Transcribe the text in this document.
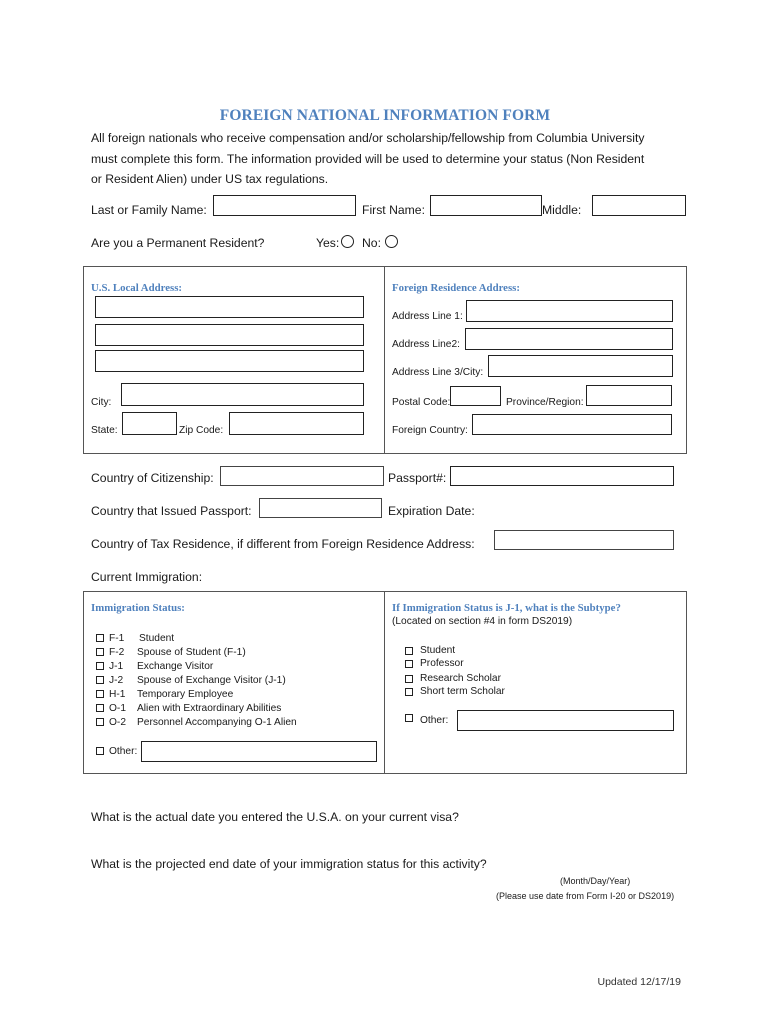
FOREIGN NATIONAL INFORMATION FORM
All foreign nationals who receive compensation and/or scholarship/fellowship from Columbia University
must complete this form. The information provided will be used to determine your status (Non Resident
or Resident Alien) under US tax regulations.
Last or Family Name:	First Name:	Middle:
Are you a Permanent Resident?	Yes: No:
U.S. Local Address:
City:
State:	Zip Code:
Foreign Residence Address:
Address Line 1:
Address Line2:
Address Line 3/City:
Postal Code:	Province/Region:
Foreign Country:
Country of Citizenship:	Passport#:
Country that Issued Passport:	Expiration Date:
Country of Tax Residence, if different from Foreign Residence Address:
Current Immigration:
Immigration Status:
F-1 Student
F-2 Spouse of Student (F-1)
J-1 Exchange Visitor
J-2 Spouse of Exchange Visitor (J-1)
H-1 Temporary Employee
O-1 Alien with Extraordinary Abilities
O-2 Personnel Accompanying O-1 Alien
Other:
If Immigration Status is J-1, what is the Subtype?
(Located on section #4 in form DS2019)
Student
Professor
Research Scholar
Short term Scholar
Other:
What is the actual date you entered the U.S.A. on your current visa?
What is the projected end date of your immigration status for this activity?
(Month/Day/Year)
(Please use date from Form I-20 or DS2019)
Updated 12/17/19
